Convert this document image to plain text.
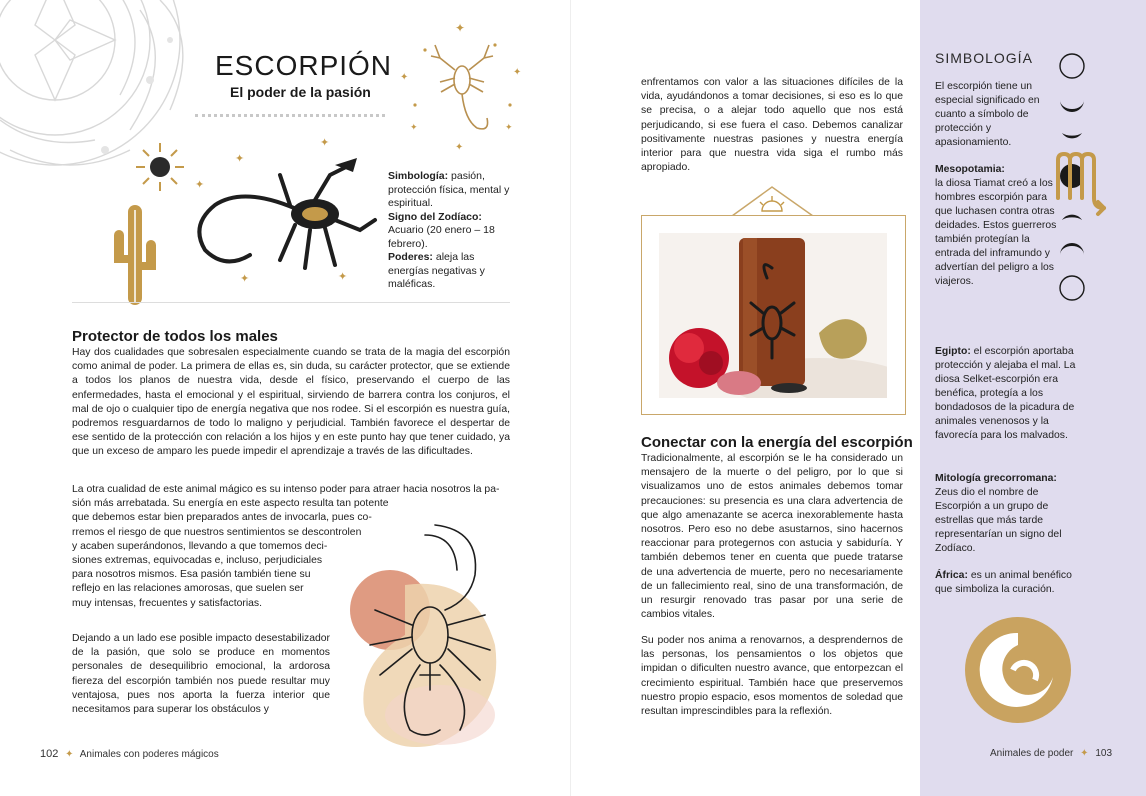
ESCORPIÓN
El poder de la pasión
✦
✦	✦
✦	✦
✦
✦
✦
✦
✦	✦
Simbología: pasión, protección física, mental y espiritual.
Signo del Zodíaco: Acuario (20 enero – 18 febrero).
Poderes: aleja las energías negativas y maléficas.
Protector de todos los males
Hay dos cualidades que sobresalen especialmente cuando se trata de la magia del escorpión como animal de poder. La primera de ellas es, sin duda, su carácter protector, que se extiende a todos los planos de nuestra vida, desde el físico, preservando el cuerpo de las enfermedades, hasta el emocional y el espiritual, sirviendo de barrera contra los conjuros, el mal de ojo o cualquier tipo de energía negativa que nos rodee. Si el escorpión es nuestra guía, podremos resguardarnos de todo lo maligno y perjudicial. También favorece el despertar de ese sentido de la protección con relación a los hijos y en este punto hay que tener cuidado, ya que un exceso de amparo les puede impedir el aprendizaje a través de las dificultades.
La otra cualidad de este animal mágico es su intenso poder para atraer hacia nosotros la pa-
sión más arrebatada. Su energía en este aspecto resulta tan potente
que debemos estar bien preparados antes de invocarla, pues co-
rremos el riesgo de que nuestros sentimientos se descontrolen
y acaben superándonos, llevando a que tomemos deci-
siones extremas, equivocadas e, incluso, perjudiciales
para nosotros mismos. Esa pasión también tiene su
reflejo en las relaciones amorosas, que suelen ser
muy intensas, frecuentes y satisfactorias.
Dejando a un lado ese posible impacto desestabilizador de la pasión, que solo se produce en momentos personales de desequilibrio emocional, la ardorosa fiereza del escorpión también nos puede resultar muy ventajosa, pues nos aporta la fuerza interior que necesitamos para superar los obstáculos y
102 ✦ Animales con poderes mágicos
enfrentamos con valor a las situaciones difíciles de la vida, ayudándonos a tomar decisiones, si eso es lo que se precisa, o a alejar todo aquello que nos está perjudicando, si ese fuera el caso. Debemos canalizar positivamente nuestras pasiones y nuestra energía interior para que nuestra vida siga el rumbo más apropiado.
Conectar con la energía del escorpión
Tradicionalmente, al escorpión se le ha considerado un mensajero de la muerte o del peligro, por lo que si visualizamos uno de estos animales debemos tomar precauciones: su presencia es una clara advertencia de que algo amenazante se acerca inexorablemente hasta nosotros. Pero eso no debe asustarnos, sino hacernos reaccionar para protegernos con astucia y sabiduría. Y también debemos tener en cuenta que puede tratarse de una advertencia de muerte, pero no necesariamente de un fallecimiento real, sino de una transformación, de un resurgir renovado tras pasar por una serie de cambios vitales.
Su poder nos anima a renovarnos, a desprendernos de las personas, los pensamientos o los objetos que impidan o dificulten nuestro avance, que entorpezcan el crecimiento espiritual. También hace que preservemos nuestro propio espacio, esos momentos de soledad que resultan imprescindibles para la reflexión.
SIMBOLOGÍA
El escorpión tiene un especial significado en cuanto a símbolo de protección y apasionamiento.
Mesopotamia:
la diosa Tiamat creó a los hombres escorpión para que luchasen contra otras deidades. Estos guerreros también protegían la entrada del inframundo y advertían del peligro a los viajeros.
Egipto: el escorpión aportaba protección y alejaba el mal. La diosa Selket-escorpión era benéfica, protegía a los bondadosos de la picadura de animales venenosos y la favorecía para los malvados.
Mitología grecorromana:
Zeus dio el nombre de Escorpión a un grupo de estrellas que más tarde representarían un signo del Zodíaco.
África: es un animal benéfico que simboliza la curación.
Animales de poder ✦ 103
